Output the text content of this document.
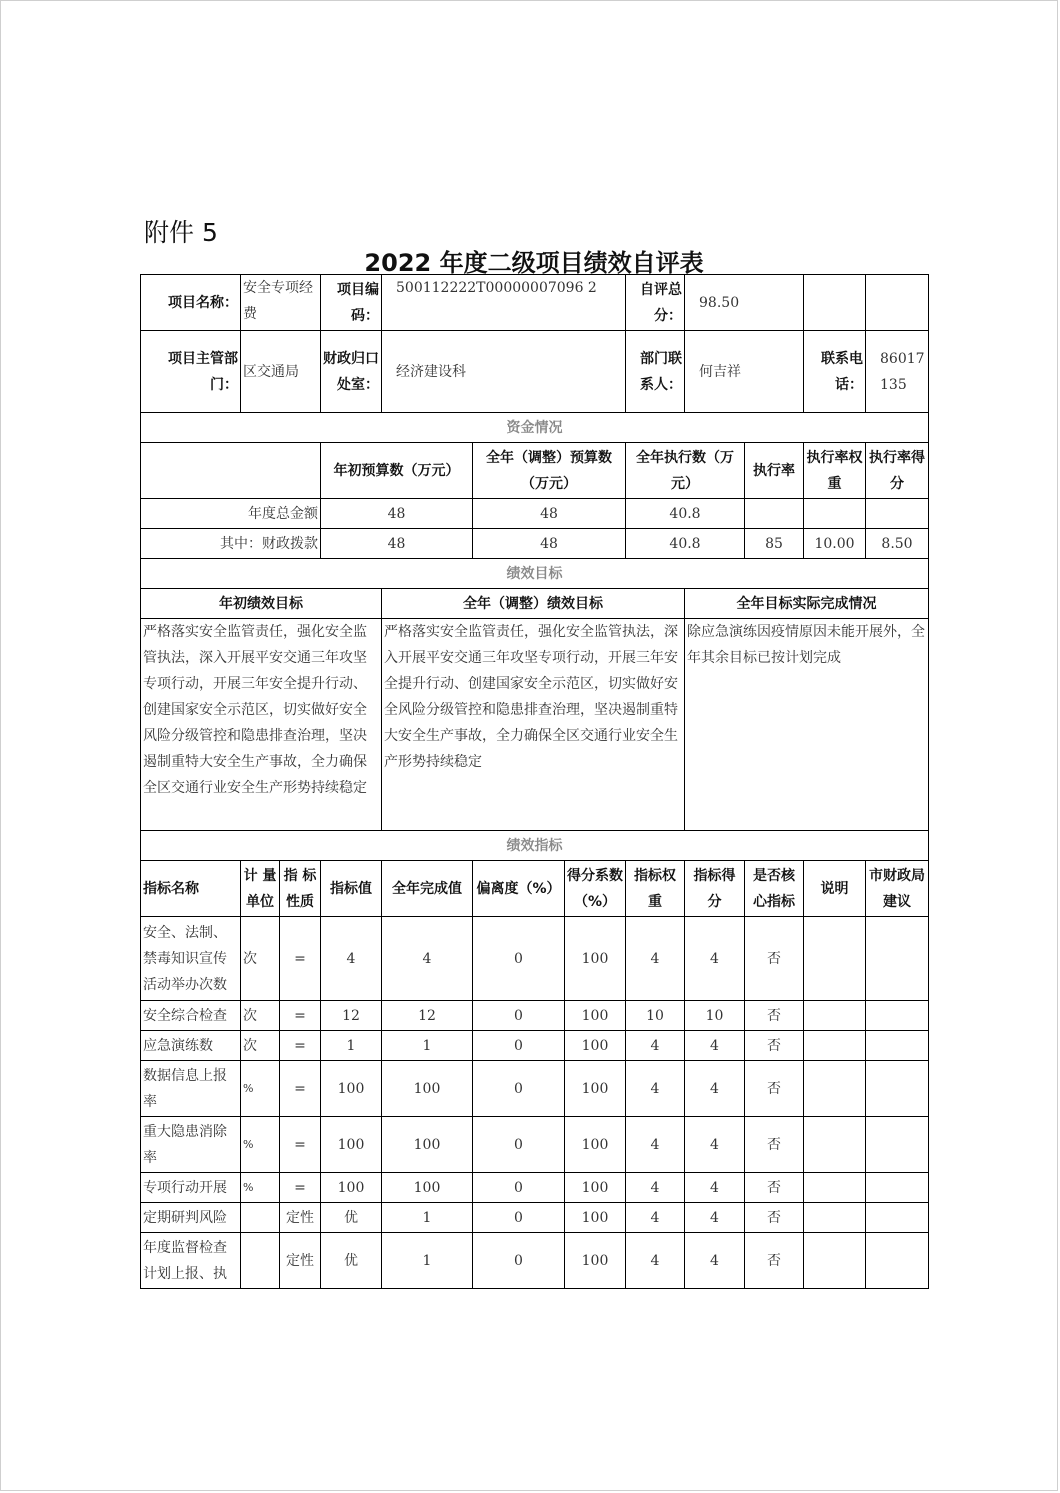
附件 5
2022 年度二级项目绩效自评表
项目名称：	安全专项经费		项目编码：	500112222T00000007096 2			自评总分：	98.50			
项目主管部门：	区交通局		财政归口处室：	经济建设科			部门联系人：	何吉祥		联系电话：	86017135
资金情况											
			年初预算数（万元）		全年（调整）预算数（万元）		全年执行数（万元）		执行率	执行率权重	执行率得分
年度总金额			48		48		40.8				
其中：财政拨款			48		48		40.8		85	10.00	8.50
绩效目标											
年初绩效目标				全年（调整）绩效目标				全年目标实际完成情况			
严格落实安全监管责任，强化安全监管执法，深入开展平安交通三年攻坚专项行动，开展三年安全提升行动、创建国家安全示范区，切实做好安全风险分级管控和隐患排查治理，坚决遏制重特大安全生产事故，全力确保全区交通行业安全生产形势持续稳定				严格落实安全监管责任，强化安全监管执法，深入开展平安交通三年攻坚专项行动，开展三年安全提升行动、创建国家安全示范区，切实做好安全风险分级管控和隐患排查治理，坚决遏制重特大安全生产事故，全力确保全区交通行业安全生产形势持续稳定				除应急演练因疫情原因未能开展外，全年其余目标已按计划完成			
绩效指标											
指标名称	计 量单位	指 标性质	指标值	全年完成值	偏离度（%）	得分系数（%）	指标权重	指标得分	是否核心指标	说明	市财政局建议
安全、法制、禁毒知识宣传活动举办次数	次	=	4	4	0	100	4	4	否		
安全综合检查	次	=	12	12	0	100	10	10	否		
应急演练数	次	=	1	1	0	100	4	4	否		
数据信息上报率	%	=	100	100	0	100	4	4	否		
重大隐患消除率	%	=	100	100	0	100	4	4	否		
专项行动开展	%	=	100	100	0	100	4	4	否		
定期研判风险		定性	优	1	0	100	4	4	否		
年度监督检查计划上报、执		定性	优	1	0	100	4	4	否		
